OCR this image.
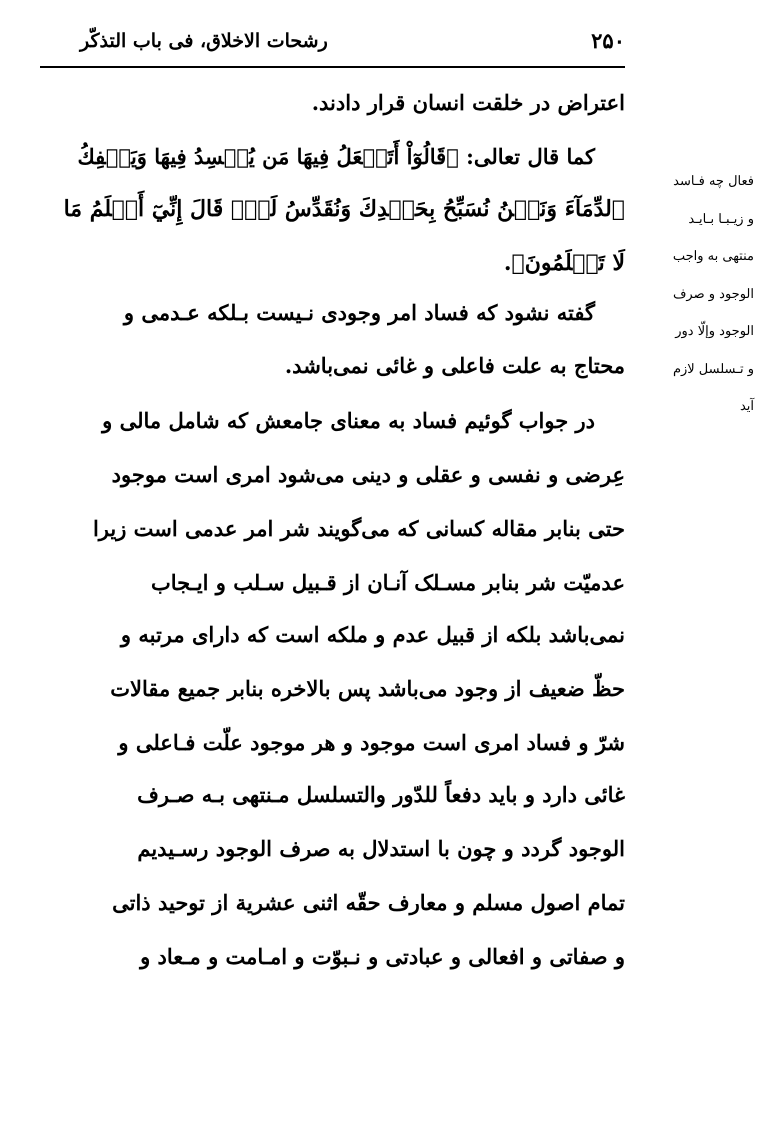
رشحات الاخلاق، فی باب التذکّر	۲۵۰
فعال چه فـاسد
و زیـبـا بـایـد
منتهی به واجب
الوجود و صرف
الوجود وإلّا دور
و تـسلسل لازم
آید
اعتراض در خلقت انسان قرار دادند.
کما قال تعالی: ﴿قَالُوٓاْ أَتَجۡعَلُ فِيهَا مَن يُفۡسِدُ فِيهَا وَيَسۡفِكُ
ٱلدِّمَآءَ وَنَحۡنُ نُسَبِّحُ بِحَمۡدِكَ وَنُقَدِّسُ لَكَۖ قَالَ إِنِّيٓ أَعۡلَمُ مَا
لَا تَعۡلَمُونَ﴾.
گفته نشود که فساد امر وجودی نـیست بـلکه عـدمی و
محتاج به علت فاعلی و غائی نمی‌باشد.
در جواب گوئیم فساد به معنای جامعش که شامل مالی و
عِرضی و نفسی و عقلی و دینی می‌شود امری است موجود
حتی بنابر مقاله کسانی که می‌گویند شر امر عدمی است زیرا
عدمیّت شر بنابر مسـلک آنـان از قـبیل سـلب و ایـجاب
نمی‌باشد بلکه از قبیل عدم و ملکه است که دارای مرتبه و
حظّ ضعیف از وجود می‌باشد پس بالاخره بنابر جمیع مقالات
شرّ و فساد امری است موجود و هر موجود علّت فـاعلی و
غائی دارد و باید دفعاً للدّور والتسلسل مـنتهی بـه صـرف
الوجود گردد و چون با استدلال به صرف الوجود رسـیدیم
تمام اصول مسلم و معارف حقّه اثنی عشریة از توحید ذاتی
و صفاتی و افعالی و عبادتی و نـبوّت و امـامت و مـعاد و
